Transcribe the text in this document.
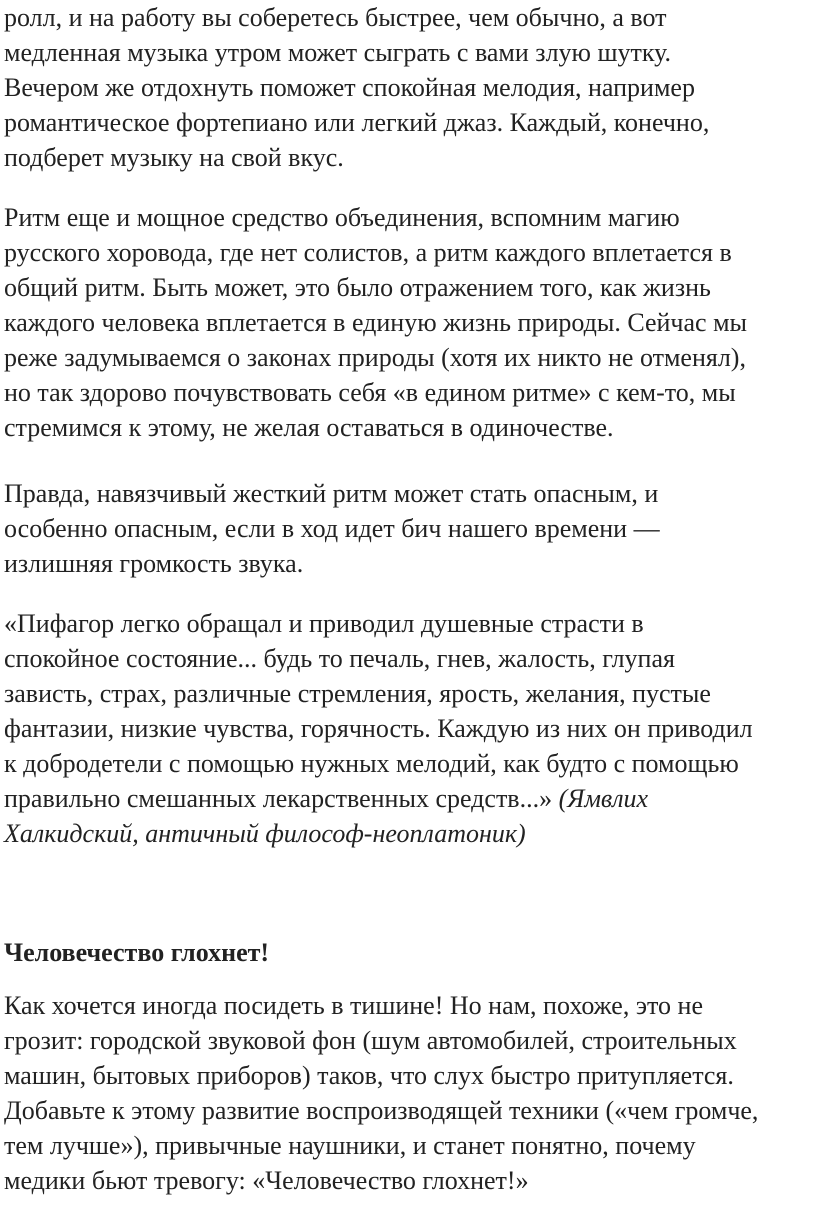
ролл, и на работу вы соберетесь быстрее, чем обычно, а вот
медленная музыка утром может сыграть с вами злую шутку.
Вечером же отдохнуть поможет спокойная мелодия, например
романтическое фортепиано или легкий джаз. Каждый, конечно,
подберет музыку на свой вкус.

Ритм еще и мощное средство объединения, вспомним магию
русского хоровода, где нет солистов, а ритм каждого вплетается в
общий ритм. Быть может, это было отражением того, как жизнь
каждого человека вплетается в единую жизнь природы. Сейчас мы
реже задумываемся о законах природы (хотя их никто не отменял),
но так здорово почувствовать себя «в едином ритме» с кем-то, мы
стремимся к этому, не желая оставаться в одиночестве.

Правда, навязчивый жесткий ритм может стать опасным, и
особенно опасным, если в ход идет бич нашего времени —
излишняя громкость звука.

«Пифагор легко обращал и приводил душевные страсти в
спокойное состояние... будь то печаль, гнев, жалость, глупая
зависть, страх, различные стремления, ярость, желания, пустые
фантазии, низкие чувства, горячность. Каждую из них он приводил
к добродетели с помощью нужных мелодий, как будто с помощью
правильно смешанных лекарственных средств...» (Ямвлих
Халкидский, античный философ-неоплатоник)

Человечество глохнет!

Как хочется иногда посидеть в тишине! Но нам, похоже, это не
грозит: городской звуковой фон (шум автомобилей, строительных
машин, бытовых приборов) таков, что слух быстро притупляется.
Добавьте к этому развитие воспроизводящей техники («чем громче,
тем лучше»), привычные наушники, и станет понятно, почему
медики бьют тревогу: «Человечество глохнет!»
